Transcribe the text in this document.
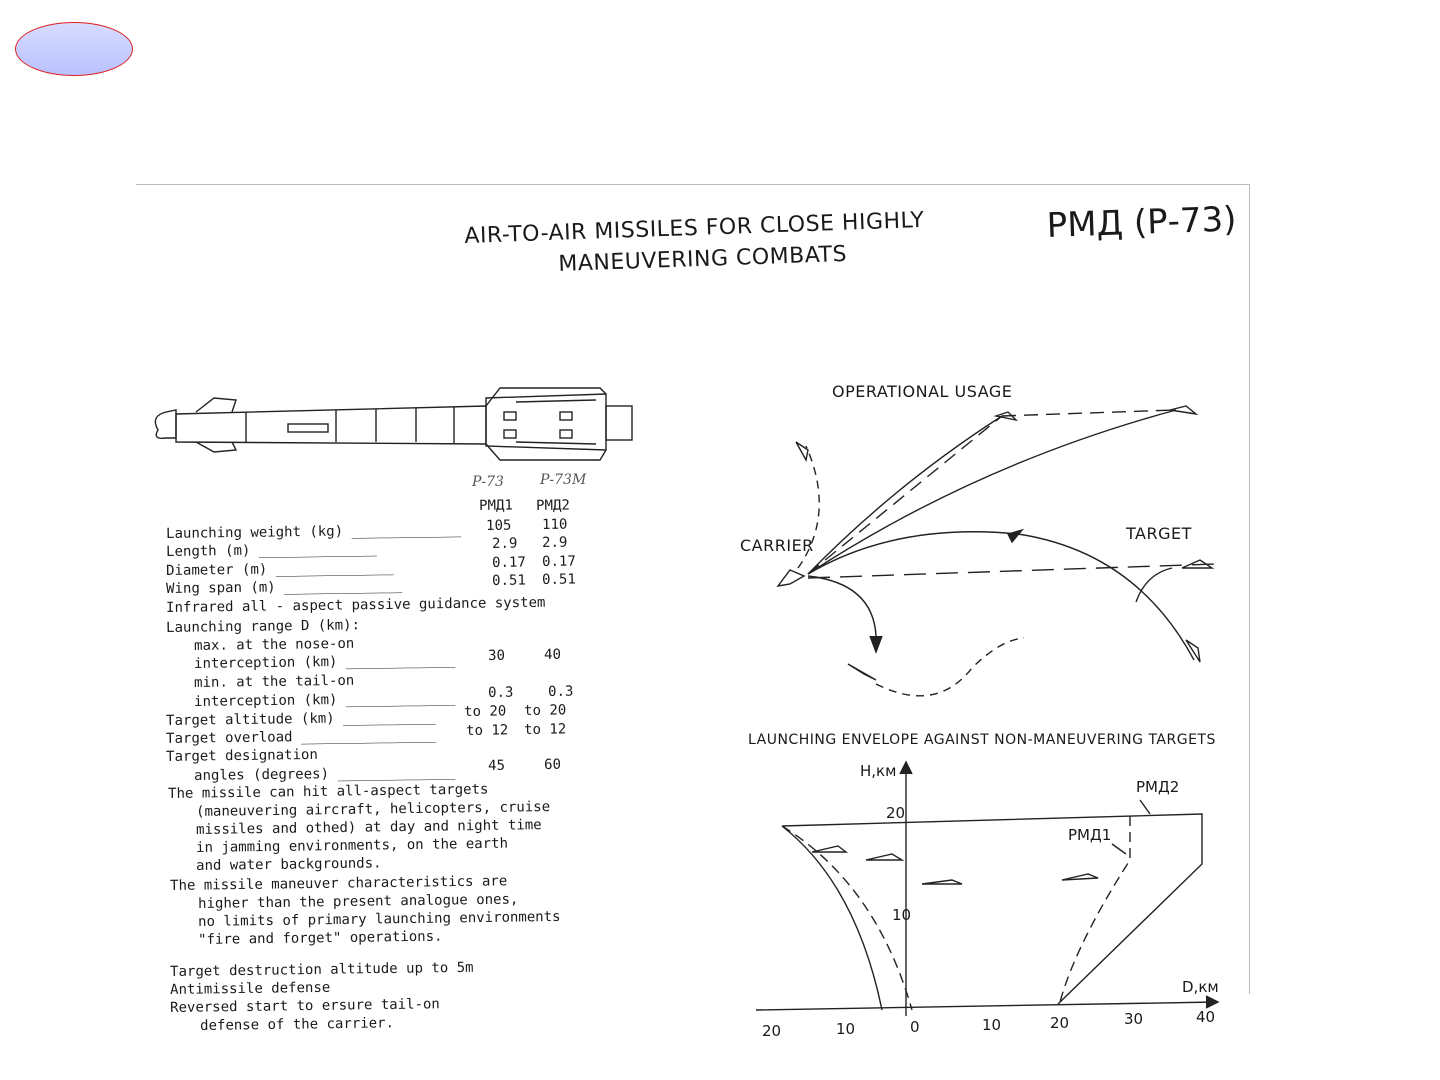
AIR-TO-AIR MISSILES FOR CLOSE HIGHLY
MANEUVERING COMBATS
РМД (Р-73)
Р-73	Р-73М
РМД1 РМД2
Launching weight (kg) _____________ 105 110
Length (m) ______________	2.9 2.9
Diameter (m) ______________	0.17 0.17
Wing span (m) ______________	0.51 0.51
Infrared all - aspect passive guidance system
Launching range D (km):
max. at the nose-on
interception (km) _____________ 30	40
min. at the tail-on
interception (km) _____________ 0.3 0.3
Target altitude (km) ___________ to 20 to 20
Target overload ________________ to 12 to 12
Target designation
angles (degrees) ______________ 45	60
The missile can hit all-aspect targets
(maneuvering aircraft, helicopters, cruise
missiles and othed) at day and night time
in jamming environments, on the earth
and water backgrounds.
The missile maneuver characteristics are
higher than the present analogue ones,
no limits of primary launching environments
"fire and forget" operations.
Target destruction altitude up to 5m
Antimissile defense
Reversed start to ersure tail-on
defense of the carrier.
OPERATIONAL USAGE
CARRIER
TARGET
LAUNCHING ENVELOPE AGAINST NON-MANEUVERING TARGETS
H,км
D,км
20
10
20	10	0	10	20	30	40
РМД1
РМД2
